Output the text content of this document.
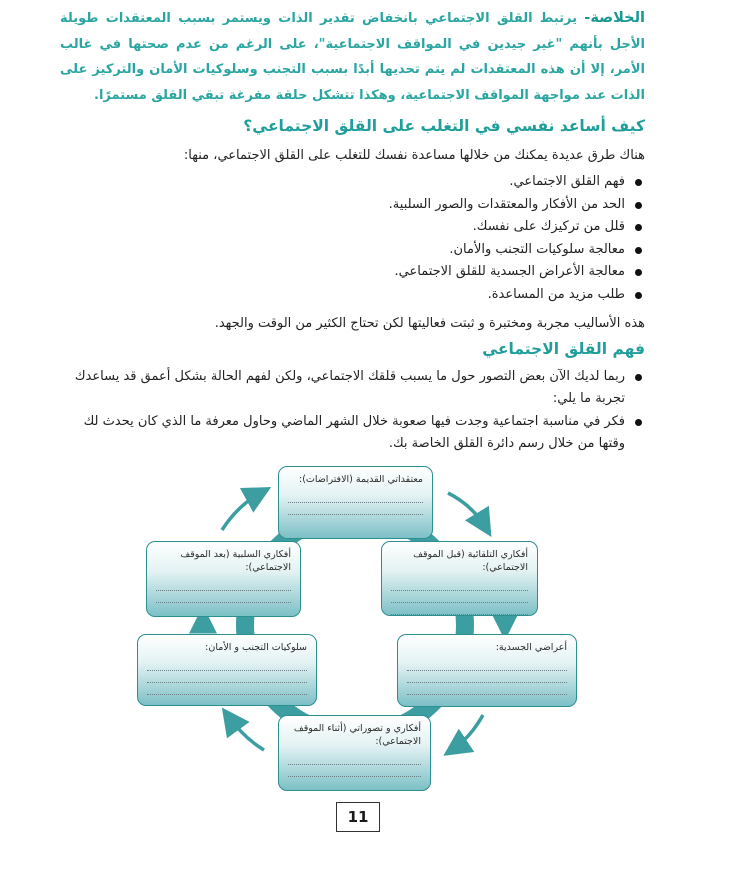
الخلاصة- يرتبط القلق الاجتماعي بانخفاض تقدير الذات ويستمر بسبب المعتقدات طويلة الأجل بأنهم "غير جيدين في المواقف الاجتماعية"، على الرغم من عدم صحتها في غالب الأمر، إلا أن هذه المعتقدات لم يتم تحديها أبدًا بسبب التجنب وسلوكيات الأمان والتركيز على الذات عند مواجهة المواقف الاجتماعية، وهكذا تتشكل حلقة مفرغة تبقي القلق مستمرًا.
كيف أساعد نفسي في التغلب على القلق الاجتماعي؟
هناك طرق عديدة يمكنك من خلالها مساعدة نفسك للتغلب على القلق الاجتماعي، منها:
فهم القلق الاجتماعي.
الحد من الأفكار والمعتقدات والصور السلبية.
قلل من تركيزك على نفسك.
معالجة سلوكيات التجنب والأمان.
معالجة الأعراض الجسدية للقلق الاجتماعي.
طلب مزيد من المساعدة.
هذه الأساليب مجربة ومختبرة و ثبتت فعاليتها لكن تحتاج الكثير من الوقت والجهد.
فهم القلق الاجتماعي
ربما لديك الآن بعض التصور حول ما يسبب قلقك الاجتماعي، ولكن لفهم الحالة بشكل أعمق قد يساعدك تجربة ما يلي:
فكر في مناسبة اجتماعية وجدت فيها صعوبة خلال الشهر الماضي وحاول معرفة ما الذي كان يحدث لك وقتها من خلال رسم دائرة القلق الخاصة بك.
معتقداتي القديمة (الافتراضات):
أفكاري التلقائية (قبل الموقف الاجتماعي):
أعراضي الجسدية:
أفكاري و تصوراتي (أثناء الموقف الاجتماعي):
سلوكيات التجنب و الأمان:
أفكاري السلبية (بعد الموقف الاجتماعي):
11
